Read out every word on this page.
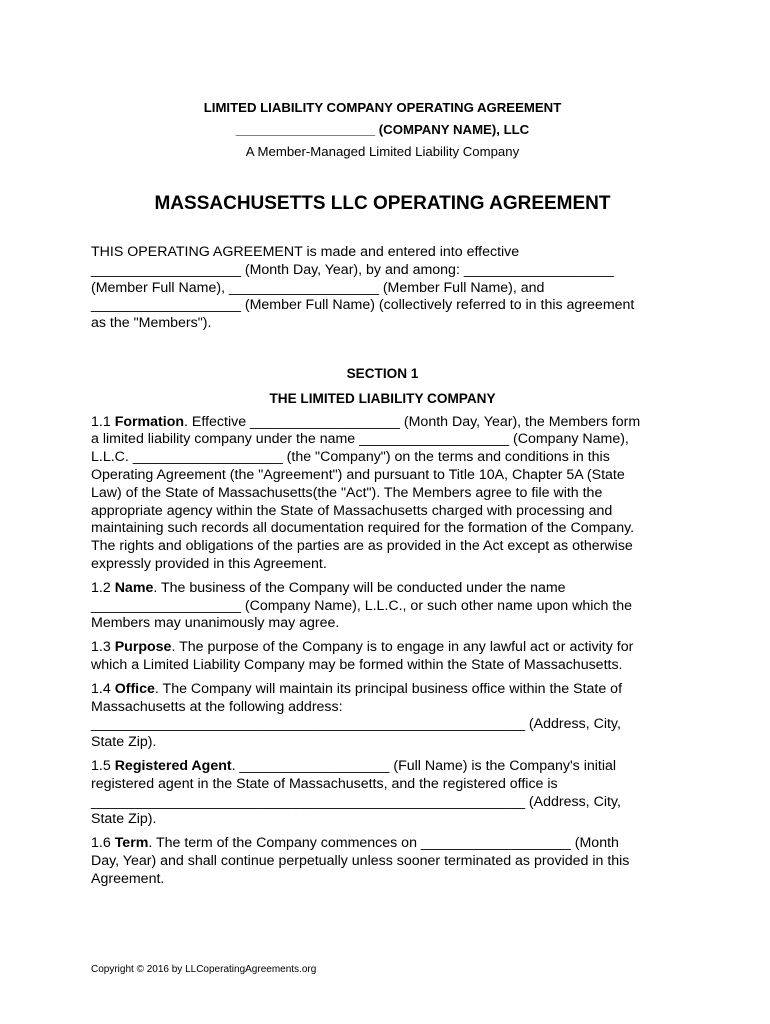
LIMITED LIABILITY COMPANY OPERATING AGREEMENT
___________________ (COMPANY NAME), LLC
A Member-Managed Limited Liability Company
MASSACHUSETTS LLC OPERATING AGREEMENT
THIS OPERATING AGREEMENT is made and entered into effective
___________________ (Month Day, Year), by and among: ___________________
(Member Full Name), ___________________ (Member Full Name), and
___________________ (Member Full Name) (collectively referred to in this agreement
as the "Members").
SECTION 1
THE LIMITED LIABILITY COMPANY
1.1 Formation. Effective ___________________ (Month Day, Year), the Members form
a limited liability company under the name ___________________ (Company Name),
L.L.C. ___________________ (the "Company") on the terms and conditions in this
Operating Agreement (the "Agreement") and pursuant to Title 10A, Chapter 5A (State
Law) of the State of Massachusetts(the "Act"). The Members agree to file with the
appropriate agency within the State of Massachusetts charged with processing and
maintaining such records all documentation required for the formation of the Company.
The rights and obligations of the parties are as provided in the Act except as otherwise
expressly provided in this Agreement.
1.2 Name. The business of the Company will be conducted under the name
___________________ (Company Name), L.L.C., or such other name upon which the
Members may unanimously may agree.
1.3 Purpose. The purpose of the Company is to engage in any lawful act or activity for
which a Limited Liability Company may be formed within the State of Massachusetts.
1.4 Office. The Company will maintain its principal business office within the State of
Massachusetts at the following address:
_______________________________________________________ (Address, City,
State Zip).
1.5 Registered Agent. ___________________ (Full Name) is the Company's initial
registered agent in the State of Massachusetts, and the registered office is
_______________________________________________________ (Address, City,
State Zip).
1.6 Term. The term of the Company commences on ___________________ (Month
Day, Year) and shall continue perpetually unless sooner terminated as provided in this
Agreement.
Copyright © 2016 by LLCoperatingAgreements.org
